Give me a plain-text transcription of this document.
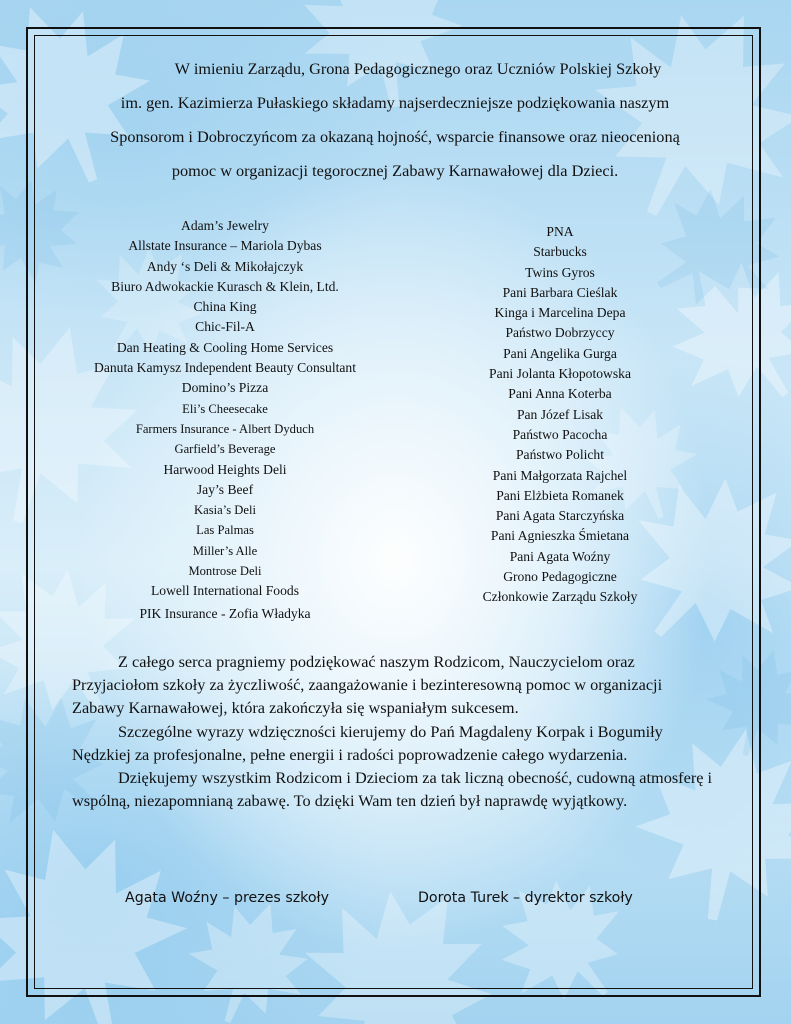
W imieniu Zarządu, Grona Pedagogicznego oraz Uczniów Polskiej Szkoły
im. gen. Kazimierza Pułaskiego składamy najserdeczniejsze podziękowania naszym
Sponsorom i Dobroczyńcom za okazaną hojność, wsparcie finansowe oraz nieocenioną
pomoc w organizacji tegorocznej Zabawy Karnawałowej dla Dzieci.
Adam’s Jewelry
Allstate Insurance – Mariola Dybas
Andy ‘s Deli & Mikołajczyk
Biuro Adwokackie Kurasch & Klein, Ltd.
China King
Chic-Fil-A
Dan Heating & Cooling Home Services
Danuta Kamysz Independent Beauty Consultant
Domino’s Pizza
Eli’s Cheesecake
Farmers Insurance - Albert Dyduch
Garfield’s Beverage
Harwood Heights Deli
Jay’s Beef
Kasia’s Deli
Las Palmas
Miller’s Alle
Montrose Deli
Lowell International Foods
PIK Insurance - Zofia Władyka
PNA
Starbucks
Twins Gyros
Pani Barbara Cieślak
Kinga i Marcelina Depa
Państwo Dobrzyccy
Pani Angelika Gurga
Pani Jolanta Kłopotowska
Pani Anna Koterba
Pan Józef Lisak
Państwo Pacocha
Państwo Policht
Pani Małgorzata Rajchel
Pani Elżbieta Romanek
Pani Agata Starczyńska
Pani Agnieszka Śmietana
Pani Agata Woźny
Grono Pedagogiczne
Członkowie Zarządu Szkoły

Z całego serca pragniemy podziękować naszym Rodzicom, Nauczycielom oraz Przyjaciołom szkoły za życzliwość, zaangażowanie i bezinteresowną pomoc w organizacji Zabawy Karnawałowej, która zakończyła się wspaniałym sukcesem.

Szczególne wyrazy wdzięczności kierujemy do Pań Magdaleny Korpak i Bogumiły Nędzkiej za profesjonalne, pełne energii i radości poprowadzenie całego wydarzenia.

Dziękujemy wszystkim Rodzicom i Dzieciom za tak liczną obecność, cudowną atmosferę i wspólną, niezapomnianą zabawę. To dzięki Wam ten dzień był naprawdę wyjątkowy.

Agata Woźny – prezes szkoły	Dorota Turek – dyrektor szkoły
